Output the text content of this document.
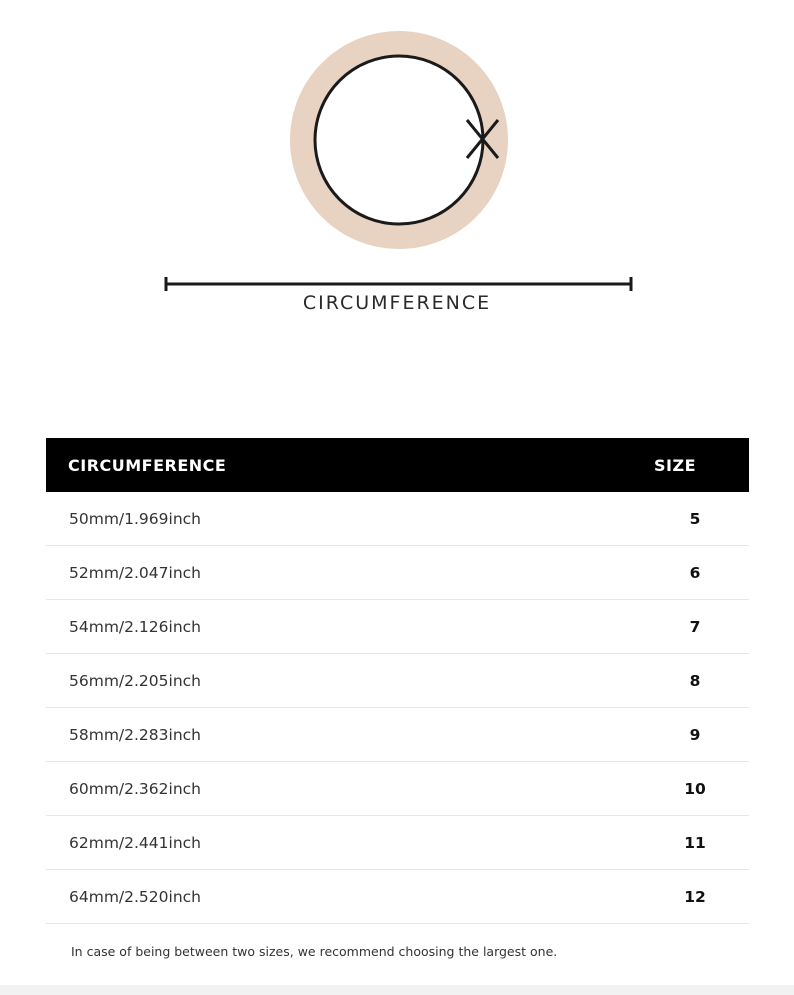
CIRCUMFERENCE
CIRCUMFERENCE	SIZE
50mm/1.969inch	5
52mm/2.047inch	6
54mm/2.126inch	7
56mm/2.205inch	8
58mm/2.283inch	9
60mm/2.362inch	10
62mm/2.441inch	11
64mm/2.520inch	12
In case of being between two sizes, we recommend choosing the largest one.
